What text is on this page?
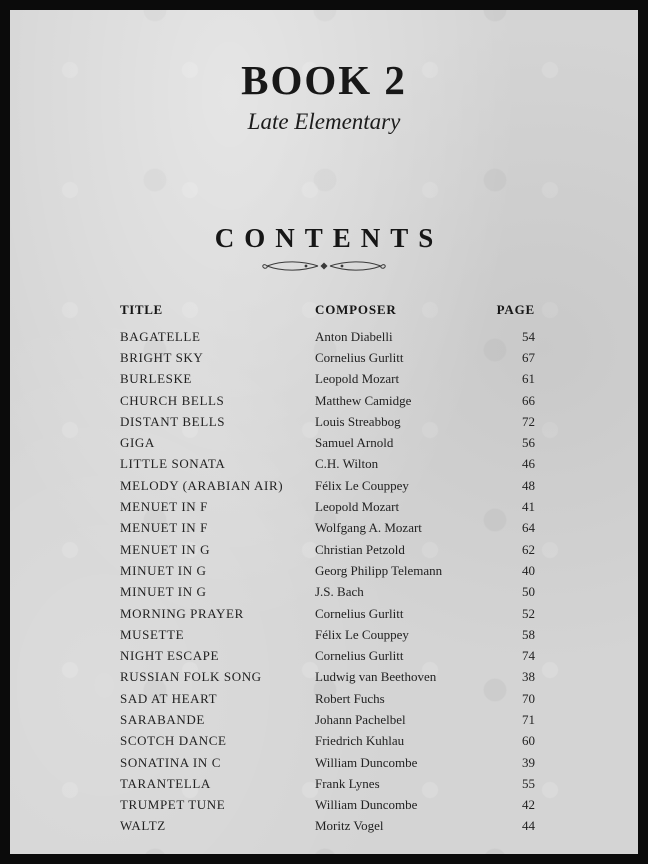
BOOK 2
Late Elementary
CONTENTS
TITLE	COMPOSER	PAGE
BAGATELLE	Anton Diabelli	54
BRIGHT SKY	Cornelius Gurlitt	67
BURLESKE	Leopold Mozart	61
CHURCH BELLS	Matthew Camidge	66
DISTANT BELLS	Louis Streabbog	72
GIGA	Samuel Arnold	56
LITTLE SONATA	C.H. Wilton	46
MELODY (ARABIAN AIR)	Félix Le Couppey	48
MENUET IN F	Leopold Mozart	41
MENUET IN F	Wolfgang A. Mozart	64
MENUET IN G	Christian Petzold	62
MINUET IN G	Georg Philipp Telemann	40
MINUET IN G	J.S. Bach	50
MORNING PRAYER	Cornelius Gurlitt	52
MUSETTE	Félix Le Couppey	58
NIGHT ESCAPE	Cornelius Gurlitt	74
RUSSIAN FOLK SONG	Ludwig van Beethoven	38
SAD AT HEART	Robert Fuchs	70
SARABANDE	Johann Pachelbel	71
SCOTCH DANCE	Friedrich Kuhlau	60
SONATINA IN C	William Duncombe	39
TARANTELLA	Frank Lynes	55
TRUMPET TUNE	William Duncombe	42
WALTZ	Moritz Vogel	44
